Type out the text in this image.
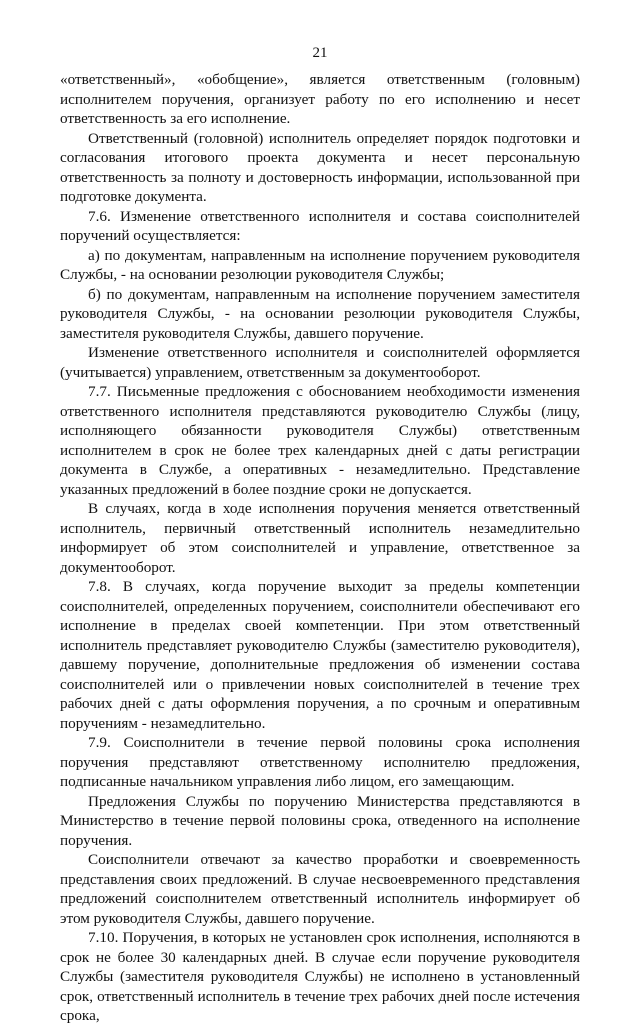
21

«ответственный», «обобщение», является ответственным (головным) исполнителем поручения, организует работу по его исполнению и несет ответственность за его исполнение.

Ответственный (головной) исполнитель определяет порядок подготовки и согласования итогового проекта документа и несет персональную ответственность за полноту и достоверность информации, использованной при подготовке документа.

7.6. Изменение ответственного исполнителя и состава соисполнителей поручений осуществляется:

а) по документам, направленным на исполнение поручением руководителя Службы, - на основании резолюции руководителя Службы;

б) по документам, направленным на исполнение поручением заместителя руководителя Службы, - на основании резолюции руководителя Службы, заместителя руководителя Службы, давшего поручение.

Изменение ответственного исполнителя и соисполнителей оформляется (учитывается) управлением, ответственным за документооборот.

7.7. Письменные предложения с обоснованием необходимости изменения ответственного исполнителя представляются руководителю Службы (лицу, исполняющего обязанности руководителя Службы) ответственным исполнителем в срок не более трех календарных дней с даты регистрации документа в Службе, а оперативных - незамедлительно. Представление указанных предложений в более поздние сроки не допускается.

В случаях, когда в ходе исполнения поручения меняется ответственный исполнитель, первичный ответственный исполнитель незамедлительно информирует об этом соисполнителей и управление, ответственное за документооборот.

7.8. В случаях, когда поручение выходит за пределы компетенции соисполнителей, определенных поручением, соисполнители обеспечивают его исполнение в пределах своей компетенции. При этом ответственный исполнитель представляет руководителю Службы (заместителю руководителя), давшему поручение, дополнительные предложения об изменении состава соисполнителей или о привлечении новых соисполнителей в течение трех рабочих дней с даты оформления поручения, а по срочным и оперативным поручениям - незамедлительно.

7.9. Соисполнители в течение первой половины срока исполнения поручения представляют ответственному исполнителю предложения, подписанные начальником управления либо лицом, его замещающим.

Предложения Службы по поручению Министерства представляются в Министерство в течение первой половины срока, отведенного на исполнение поручения.

Соисполнители отвечают за качество проработки и своевременность представления своих предложений. В случае несвоевременного представления предложений соисполнителем ответственный исполнитель информирует об этом руководителя Службы, давшего поручение.

7.10. Поручения, в которых не установлен срок исполнения, исполняются в срок не более 30 календарных дней. В случае если поручение руководителя Службы (заместителя руководителя Службы) не исполнено в установленный срок, ответственный исполнитель в течение трех рабочих дней после истечения срока,
